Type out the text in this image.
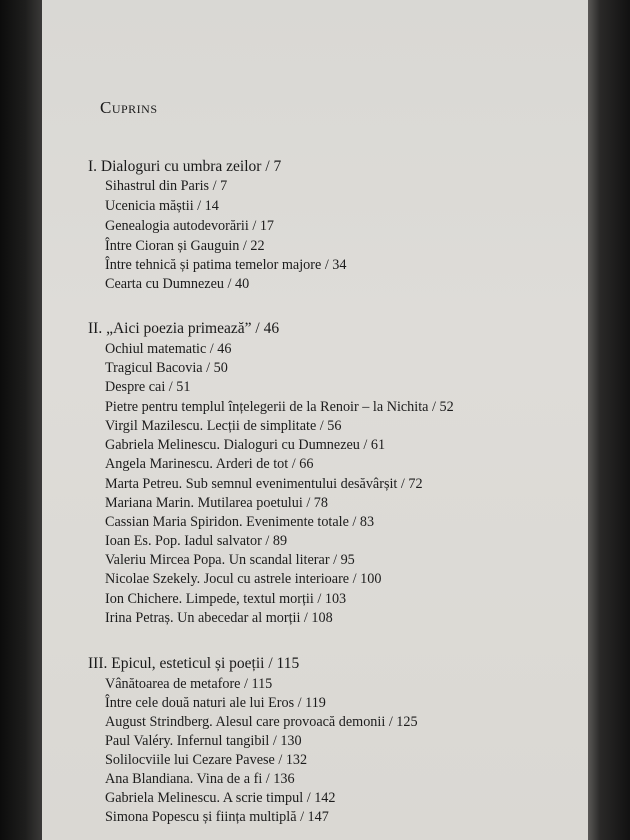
Cuprins
I. Dialoguri cu umbra zeilor / 7
Sihastrul din Paris / 7
Ucenicia măștii / 14
Genealogia autodevorării / 17
Între Cioran și Gauguin / 22
Între tehnică și patima temelor majore / 34
Cearta cu Dumnezeu / 40
II. „Aici poezia primează” / 46
Ochiul matematic / 46
Tragicul Bacovia / 50
Despre cai / 51
Pietre pentru templul înțelegerii de la Renoir – la Nichita / 52
Virgil Mazilescu. Lecții de simplitate / 56
Gabriela Melinescu. Dialoguri cu Dumnezeu / 61
Angela Marinescu. Arderi de tot / 66
Marta Petreu. Sub semnul evenimentului desăvârșit / 72
Mariana Marin. Mutilarea poetului / 78
Cassian Maria Spiridon. Evenimente totale / 83
Ioan Es. Pop. Iadul salvator / 89
Valeriu Mircea Popa. Un scandal literar / 95
Nicolae Szekely. Jocul cu astrele interioare / 100
Ion Chichere. Limpede, textul morții / 103
Irina Petraș. Un abecedar al morții / 108
III. Epicul, esteticul și poeții / 115
Vânătoarea de metafore / 115
Între cele două naturi ale lui Eros / 119
August Strindberg. Alesul care provoacă demonii / 125
Paul Valéry. Infernul tangibil / 130
Solilocviile lui Cezare Pavese / 132
Ana Blandiana. Vina de a fi / 136
Gabriela Melinescu. A scrie timpul / 142
Simona Popescu și ființa multiplă / 147
